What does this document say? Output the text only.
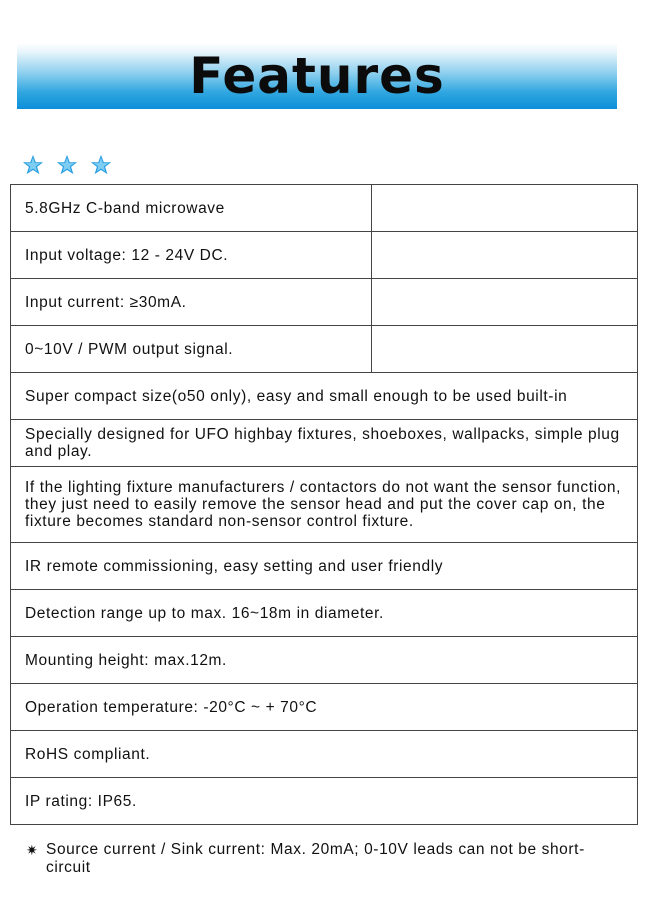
Features
5.8GHz C-band microwave	
Input voltage: 12 - 24V DC.	
Input current: ≥30mA.	
0~10V / PWM output signal.	
Super compact size(o50 only), easy and small enough to be used built-in	
Specially designed for UFO highbay fixtures, shoeboxes, wallpacks, simple plug and play.	
If the lighting fixture manufacturers / contactors do not want the sensor function, they just need to easily remove the sensor head and put the cover cap on, the fixture becomes standard non-sensor control fixture.	
IR remote commissioning, easy setting and user friendly	
Detection range up to max. 16~18m in diameter.	
Mounting height: max.12m.	
Operation temperature: -20°C ~ + 70°C	
RoHS compliant.	
IP rating: IP65.	
✷ Source current / Sink current: Max. 20mA; 0-10V leads can not be short-circuit
